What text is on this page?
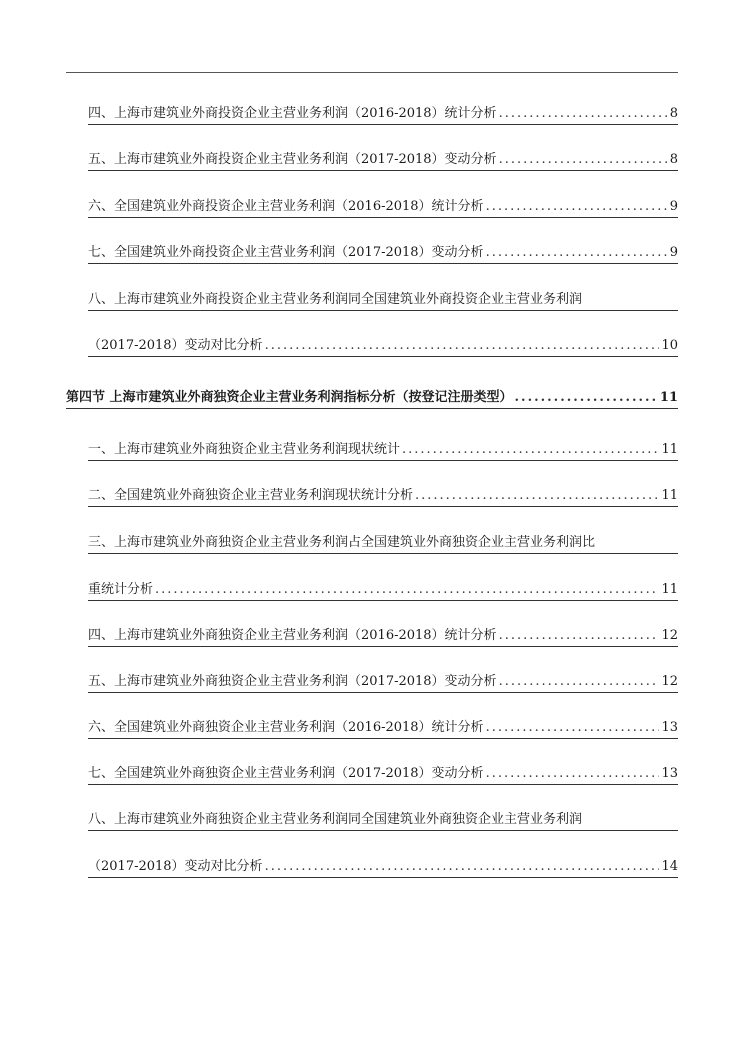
四、上海市建筑业外商投资企业主营业务利润（2016-2018）统计分析 .....	8
五、上海市建筑业外商投资企业主营业务利润（2017-2018）变动分析 .....	8
六、全国建筑业外商投资企业主营业务利润（2016-2018）统计分析 .....	9
七、全国建筑业外商投资企业主营业务利润（2017-2018）变动分析 .....	9
八、上海市建筑业外商投资企业主营业务利润同全国建筑业外商投资企业主营业务利润
（2017-2018）变动对比分析 .....	10
第四节 上海市建筑业外商独资企业主营业务利润指标分析（按登记注册类型） .....	11
一、上海市建筑业外商独资企业主营业务利润现状统计 .....	11
二、全国建筑业外商独资企业主营业务利润现状统计分析 .....	11
三、上海市建筑业外商独资企业主营业务利润占全国建筑业外商独资企业主营业务利润比
重统计分析 .....	11
四、上海市建筑业外商独资企业主营业务利润（2016-2018）统计分析 .....	12
五、上海市建筑业外商独资企业主营业务利润（2017-2018）变动分析 .....	12
六、全国建筑业外商独资企业主营业务利润（2016-2018）统计分析 .....	13
七、全国建筑业外商独资企业主营业务利润（2017-2018）变动分析 .....	13
八、上海市建筑业外商独资企业主营业务利润同全国建筑业外商独资企业主营业务利润
（2017-2018）变动对比分析 .....	14
